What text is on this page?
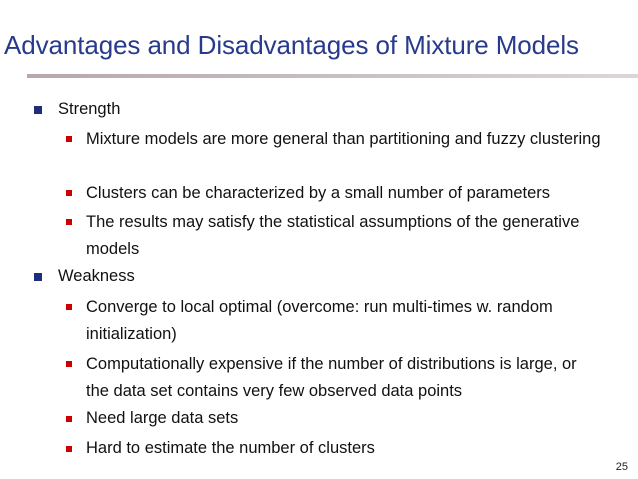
Advantages and Disadvantages of Mixture Models
Strength
Mixture models are more general than partitioning and fuzzy clustering
Clusters can be characterized by a small number of parameters
The results may satisfy the statistical assumptions of the generative models
Weakness
Converge to local optimal (overcome: run multi-times w. random initialization)
Computationally expensive if the number of distributions is large, or the data set contains very few observed data points
Need large data sets
Hard to estimate the number of clusters
25
